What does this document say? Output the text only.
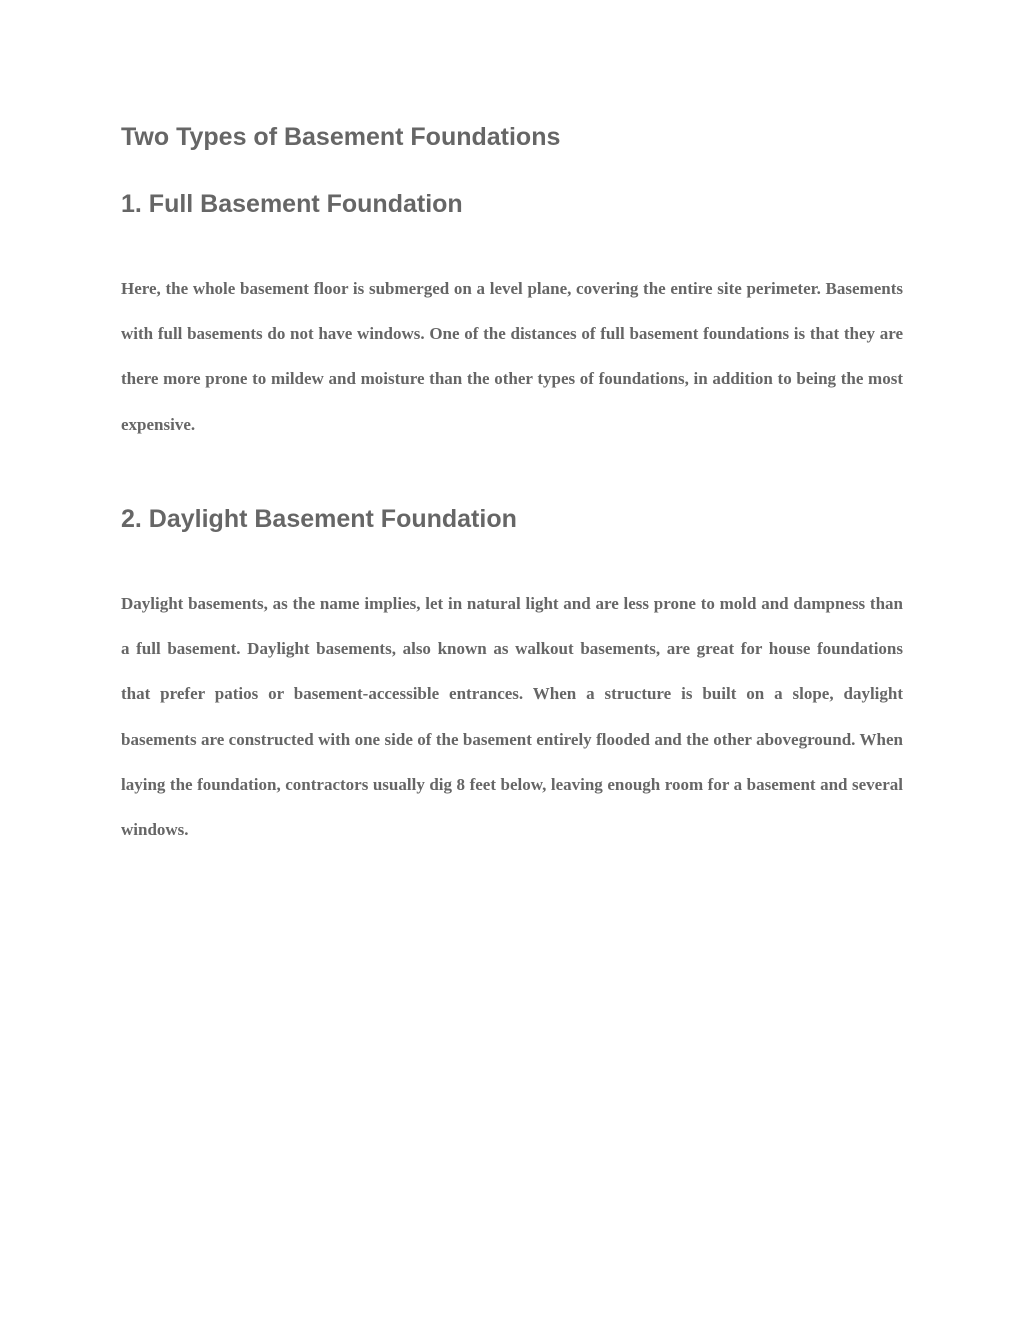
Two Types of Basement Foundations
1. Full Basement Foundation

Here, the whole basement floor is submerged on a level plane, covering the entire site perimeter. Basements with full basements do not have windows. One of the distances of full basement foundations is that they are there more prone to mildew and moisture than the other types of foundations, in addition to being the most expensive.

2. Daylight Basement Foundation

Daylight basements, as the name implies, let in natural light and are less prone to mold and dampness than a full basement. Daylight basements, also known as walkout basements, are great for house foundations that prefer patios or basement-accessible entrances. When a structure is built on a slope, daylight basements are constructed with one side of the basement entirely flooded and the other aboveground. When laying the foundation, contractors usually dig 8 feet below, leaving enough room for a basement and several windows.
